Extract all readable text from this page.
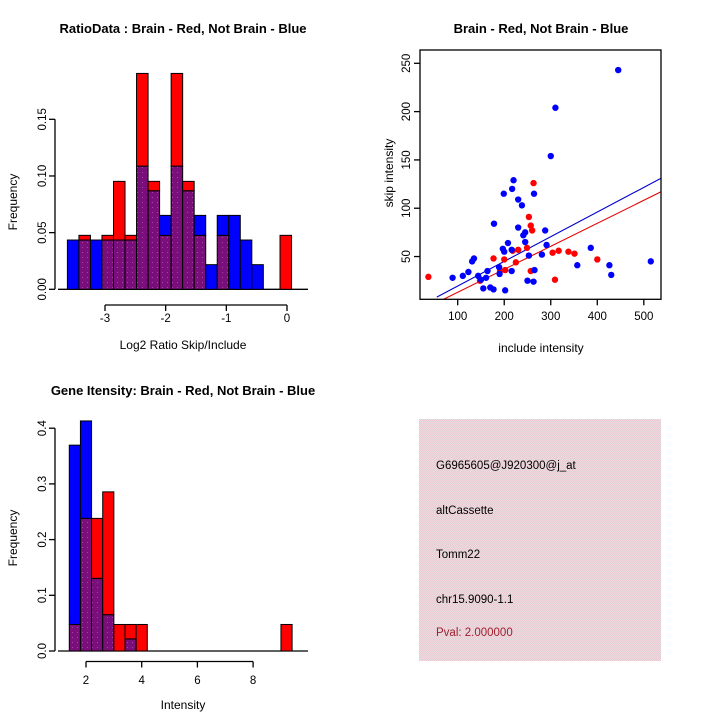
0.00
0.05
0.10
0.15
-3	-2	-1	0
0.0
0.1
0.2
0.3
0.4
2	4	6	8
100 200 300 400 500
50
100
150
200
250
RatioData : Brain - Red, Not Brain - Blue	Brain - Red, Not Brain - Blue
Gene Itensity: Brain - Red, Not Brain - Blue
Log2 Ratio Skip/Include	include intensity
Intensity
Frequency	skip intensity
Frequency
G6965605@J920300@j_at
altCassette
Tomm22
chr15.9090-1.1
Pval: 2.000000
